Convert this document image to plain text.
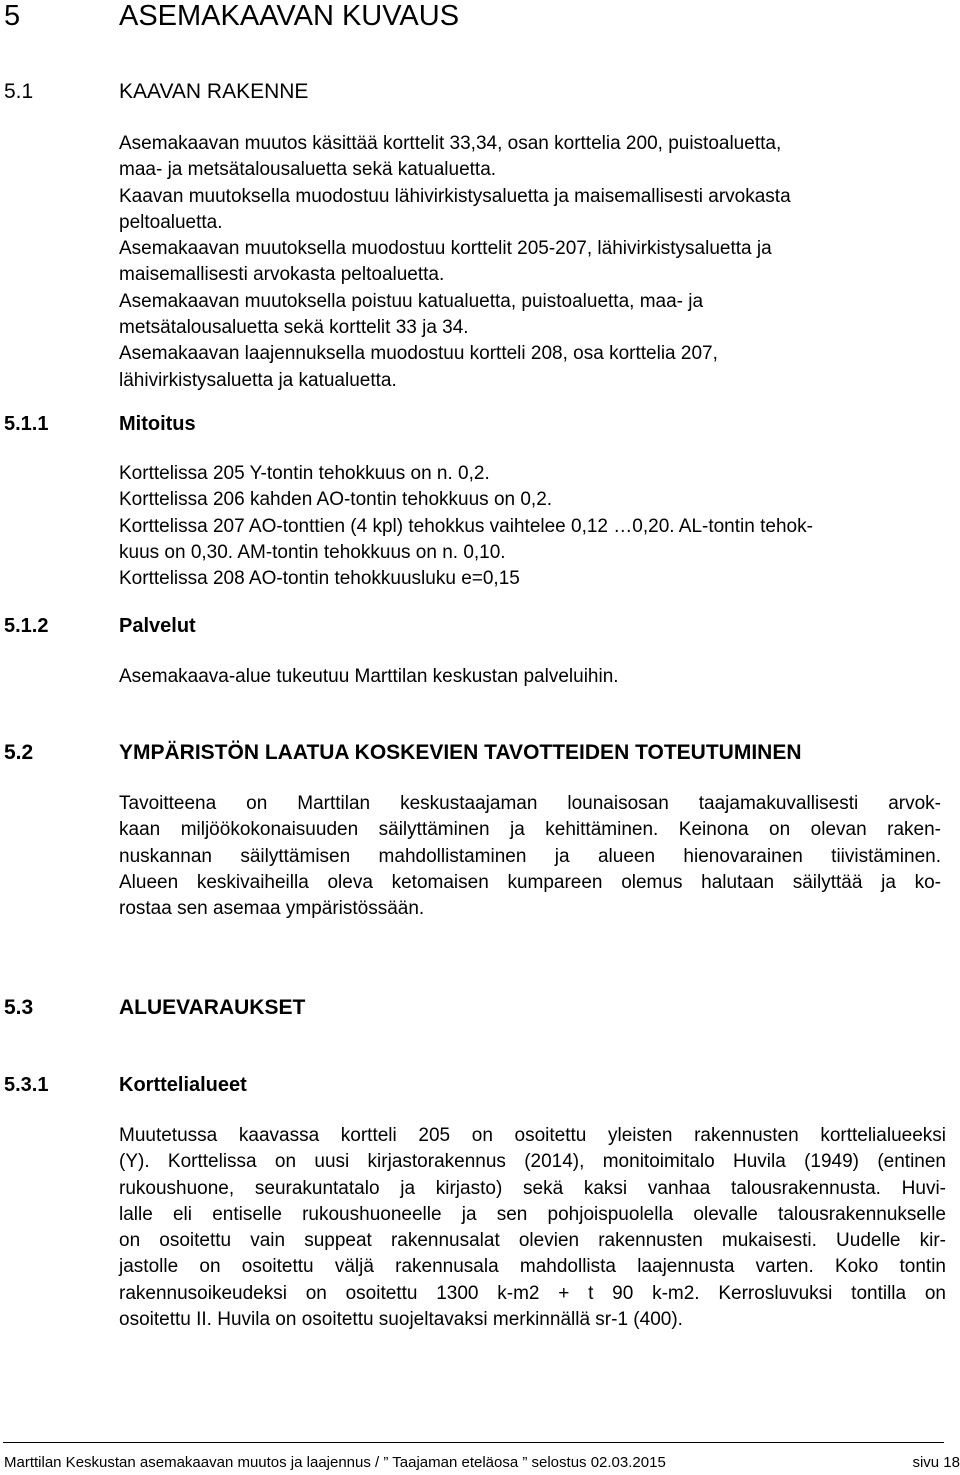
5	ASEMAKAAVAN KUVAUS
5.1	KAAVAN RAKENNE
Asemakaavan muutos käsittää korttelit 33,34, osan korttelia 200, puistoaluetta,
maa- ja metsätalousaluetta sekä katualuetta.
Kaavan muutoksella muodostuu lähivirkistysaluetta ja maisemallisesti arvokasta
peltoaluetta.
Asemakaavan muutoksella muodostuu korttelit 205-207, lähivirkistysaluetta ja
maisemallisesti arvokasta peltoaluetta.
Asemakaavan muutoksella poistuu katualuetta, puistoaluetta, maa- ja
metsätalousaluetta sekä korttelit 33 ja 34.
Asemakaavan laajennuksella muodostuu kortteli 208, osa korttelia 207,
lähivirkistysaluetta ja katualuetta.
5.1.1	Mitoitus
Korttelissa 205 Y-tontin tehokkuus on n. 0,2.
Korttelissa 206 kahden AO-tontin tehokkuus on 0,2.
Korttelissa 207 AO-tonttien (4 kpl) tehokkus vaihtelee 0,12 …0,20. AL-tontin tehok-
kuus on 0,30. AM-tontin tehokkuus on n. 0,10.
Korttelissa 208 AO-tontin tehokkuusluku e=0,15
5.1.2	Palvelut
Asemakaava-alue tukeutuu Marttilan keskustan palveluihin.
5.2	YMPÄRISTÖN LAATUA KOSKEVIEN TAVOTTEIDEN TOTEUTUMINEN
Tavoitteena on Marttilan keskustaajaman lounaisosan taajamakuvallisesti arvok-
kaan miljöökokonaisuuden säilyttäminen ja kehittäminen. Keinona on olevan raken-
nuskannan säilyttämisen mahdollistaminen ja alueen hienovarainen tiivistäminen.
Alueen keskivaiheilla oleva ketomaisen kumpareen olemus halutaan säilyttää ja ko-
rostaa sen asemaa ympäristössään.
5.3	ALUEVARAUKSET
5.3.1	Korttelialueet
Muutetussa kaavassa kortteli 205 on osoitettu yleisten rakennusten korttelialueeksi
(Y). Korttelissa on uusi kirjastorakennus (2014), monitoimitalo Huvila (1949) (entinen
rukoushuone, seurakuntatalo ja kirjasto) sekä kaksi vanhaa talousrakennusta. Huvi-
lalle eli entiselle rukoushuoneelle ja sen pohjoispuolella olevalle talousrakennukselle
on osoitettu vain suppeat rakennusalat olevien rakennusten mukaisesti. Uudelle kir-
jastolle on osoitettu väljä rakennusala mahdollista laajennusta varten. Koko tontin
rakennusoikeudeksi on osoitettu 1300 k-m2 + t 90 k-m2. Kerrosluvuksi tontilla on
osoitettu II. Huvila on osoitettu suojeltavaksi merkinnällä sr-1 (400).
Marttilan Keskustan asemakaavan muutos ja laajennus / ” Taajaman eteläosa ” selostus 02.03.2015	sivu 18
